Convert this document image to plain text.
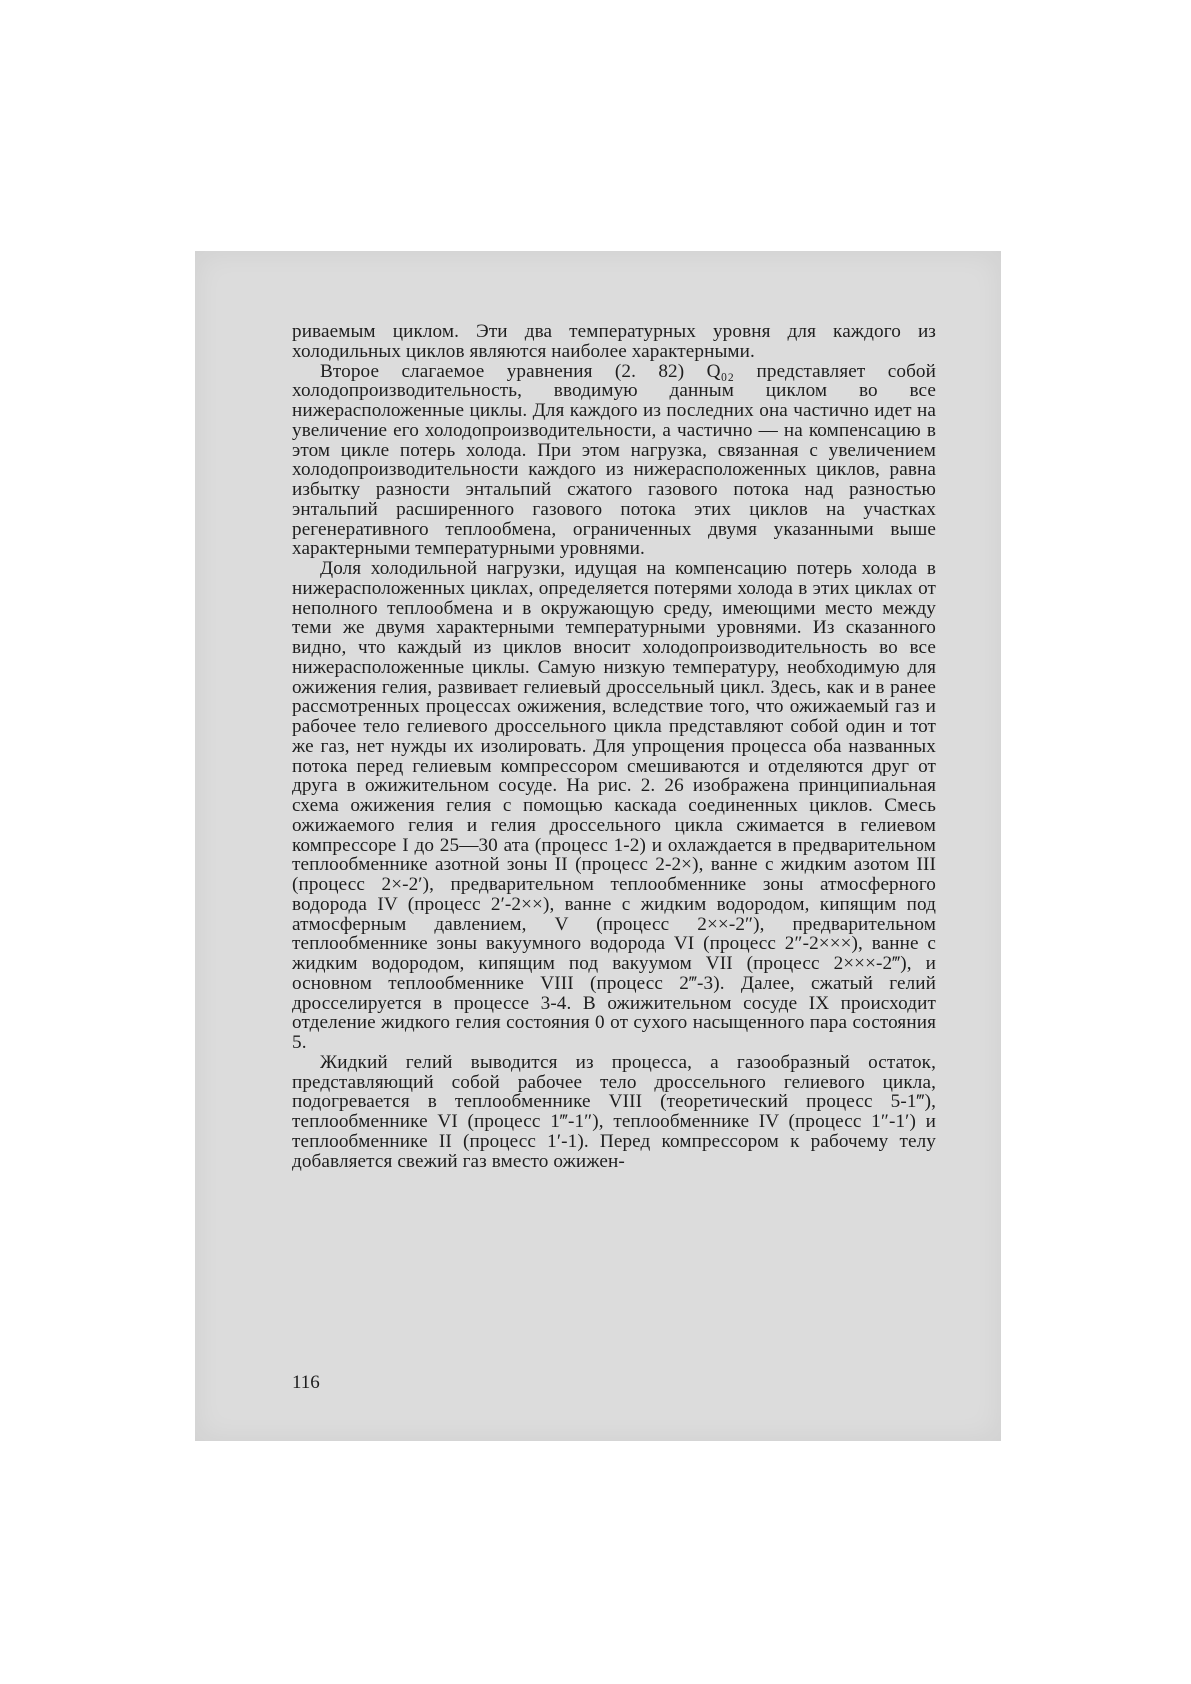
риваемым циклом. Эти два температурных уровня для каждого из холодильных циклов являются наиболее характерными.

Второе слагаемое уравнения (2. 82) Q₀₂ представляет собой холодопроизводительность, вводимую данным циклом во все нижерасположенные циклы. Для каждого из последних она частично идет на увеличение его холодопроизводительности, а частично — на компенсацию в этом цикле потерь холода. При этом нагрузка, связанная с увеличением холодопроизводительности каждого из нижерасположенных циклов, равна избытку разности энтальпий сжатого газового потока над разностью энтальпий расширенного газового потока этих циклов на участках регенеративного теплообмена, ограниченных двумя указанными выше характерными температурными уровнями.

Доля холодильной нагрузки, идущая на компенсацию потерь холода в нижерасположенных циклах, определяется потерями холода в этих циклах от неполного теплообмена и в окружающую среду, имеющими место между теми же двумя характерными температурными уровнями. Из сказанного видно, что каждый из циклов вносит холодопроизводительность во все нижерасположенные циклы. Самую низкую температуру, необходимую для ожижения гелия, развивает гелиевый дроссельный цикл. Здесь, как и в ранее рассмотренных процессах ожижения, вследствие того, что ожижаемый газ и рабочее тело гелиевого дроссельного цикла представляют собой один и тот же газ, нет нужды их изолировать. Для упрощения процесса оба названных потока перед гелиевым компрессором смешиваются и отделяются друг от друга в ожижительном сосуде. На рис. 2. 26 изображена принципиальная схема ожижения гелия с помощью каскада соединенных циклов. Смесь ожижаемого гелия и гелия дроссельного цикла сжимается в гелиевом компрессоре I до 25—30 ата (процесс 1-2) и охлаждается в предварительном теплообменнике азотной зоны II (процесс 2-2×), ванне с жидким азотом III (процесс 2×-2′), предварительном теплообменнике зоны атмосферного водорода IV (процесс 2′-2××), ванне с жидким водородом, кипящим под атмосферным давлением, V (процесс 2××-2″), предварительном теплообменнике зоны вакуумного водорода VI (процесс 2″-2×××), ванне с жидким водородом, кипящим под вакуумом VII (процесс 2×××-2‴), и основном теплообменнике VIII (процесс 2‴-3). Далее, сжатый гелий дросселируется в процессе 3-4. В ожижительном сосуде IX происходит отделение жидкого гелия состояния 0 от сухого насыщенного пара состояния 5.

Жидкий гелий выводится из процесса, а газообразный остаток, представляющий собой рабочее тело дроссельного гелиевого цикла, подогревается в теплообменнике VIII (теоретический процесс 5-1‴), теплообменнике VI (процесс 1‴-1″), теплообменнике IV (процесс 1″-1′) и теплообменнике II (процесс 1′-1). Перед компрессором к рабочему телу добавляется свежий газ вместо ожижен-

116
